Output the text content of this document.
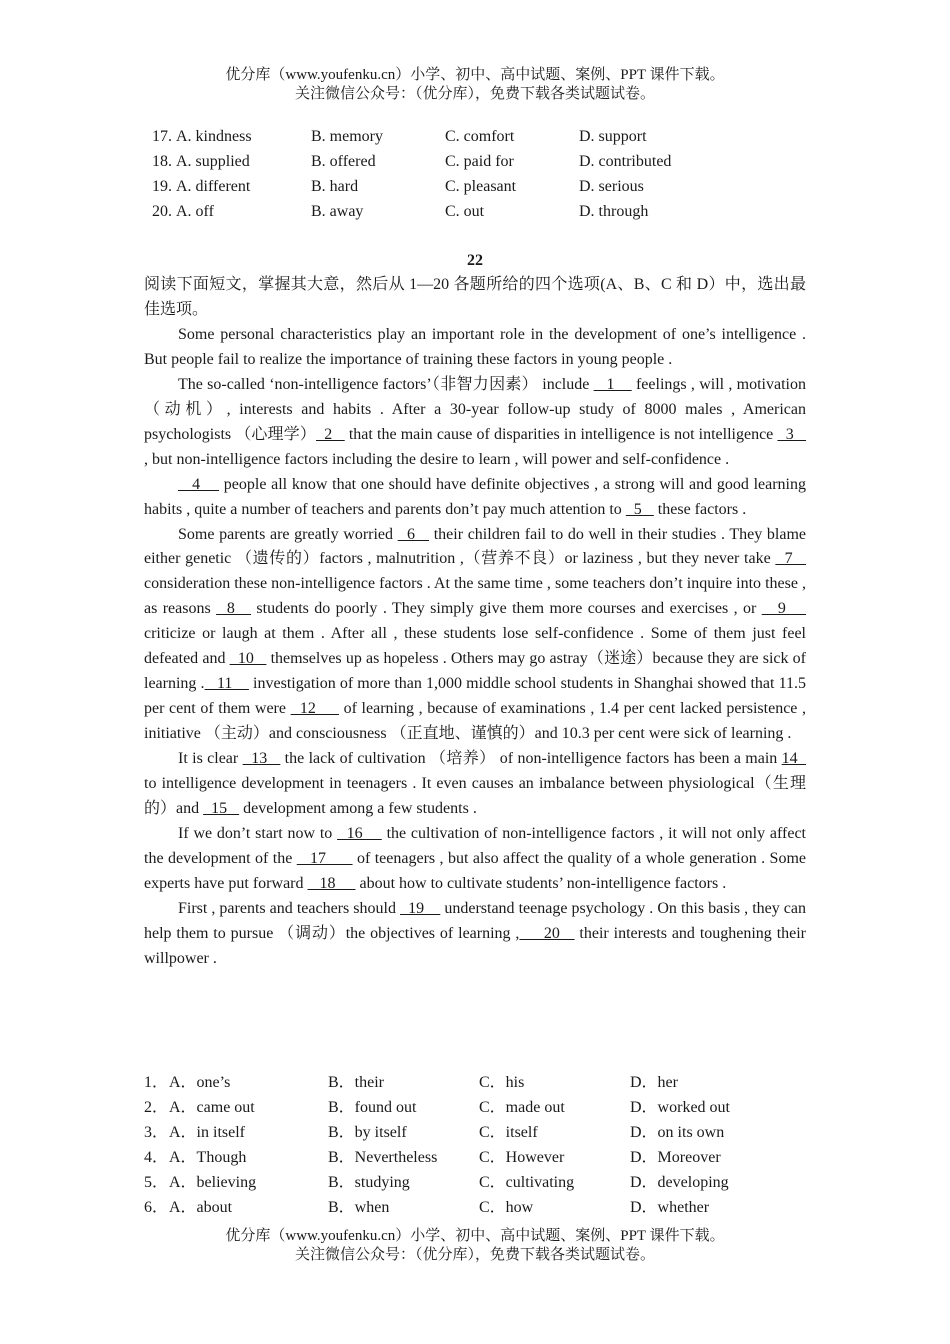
优分库（www.youfenku.cn）小学、初中、高中试题、案例、PPT 课件下载。
关注微信公众号：（优分库），免费下载各类试题试卷。
17. A. kindness	B. memory	C. comfort	D. support
18. A. supplied	B. offered	C. paid for	D. contributed
19. A. different	B. hard	C. pleasant	D. serious
20. A. off	B. away	C. out	D. through
22

阅读下面短文，掌握其大意，然后从 1—20 各题所给的四个选项(A、B、C 和 D）中，选出最佳选项。

Some personal characteristics play an important role in the development of one’s intelligence . But people fail to realize the importance of training these factors in young people .

The so-called ‘non-intelligence factors’（非智力因素） include    1     feelings , will , motivation （动机）, interests and habits . After a 30-year follow-up study of 8000 males , American psychologists （心理学）  2    that the main cause of disparities in intelligence is not intelligence   3    , but non-intelligence factors including the desire to learn , will power and self-confidence .

4     people all know that one should have definite objectives , a strong will and good learning habits , quite a number of teachers and parents don’t pay much attention to   5    these factors .

Some parents are greatly worried   6    their children fail to do well in their studies . They blame either genetic （遗传的）factors , malnutrition ,（营养不良）or laziness , but they never take   7    consideration these non-intelligence factors . At the same time , some teachers don’t inquire into these , as reasons   8    students do poorly . They simply give them more courses and exercises , or    9     criticize or laugh at them . After all , these students lose self-confidence . Some of them just feel defeated and   10    themselves up as hopeless . Others may go astray（迷途）because they are sick of learning .   11     investigation of more than 1,000 middle school students in Shanghai showed that 11.5 per cent of them were   12      of learning , because of examinations , 1.4 per cent lacked persistence , initiative （主动）and consciousness （正直地、谨慎的）and 10.3 per cent were sick of learning .

It is clear   13    the lack of cultivation （培养） of non-intelligence factors has been a main 14   to intelligence development in teenagers . It even causes an imbalance between physiological（生理的）and   15    development among a few students .

If we don’t start now to   16     the cultivation of non-intelligence factors , it will not only affect the development of the    17       of teenagers , but also affect the quality of a whole generation . Some experts have put forward    18      about how to cultivate students’ non-intelligence factors .

First , parents and teachers should   19     understand teenage psychology . On this basis , they can help them to pursue （调动）the objectives of learning ,     20    their interests and toughening their willpower .

1． A．one’s	B．their	C．his	D．her
2． A．came out	B．found out	C．made out	D．worked out
3． A．in itself	B．by itself	C．itself	D．on its own
4． A．Though	B．Nevertheless	C．However	D．Moreover
5． A．believing	B．studying	C．cultivating	D．developing
6． A．about	B．when	C．how	D．whether
优分库（www.youfenku.cn）小学、初中、高中试题、案例、PPT 课件下载。
关注微信公众号：（优分库），免费下载各类试题试卷。
